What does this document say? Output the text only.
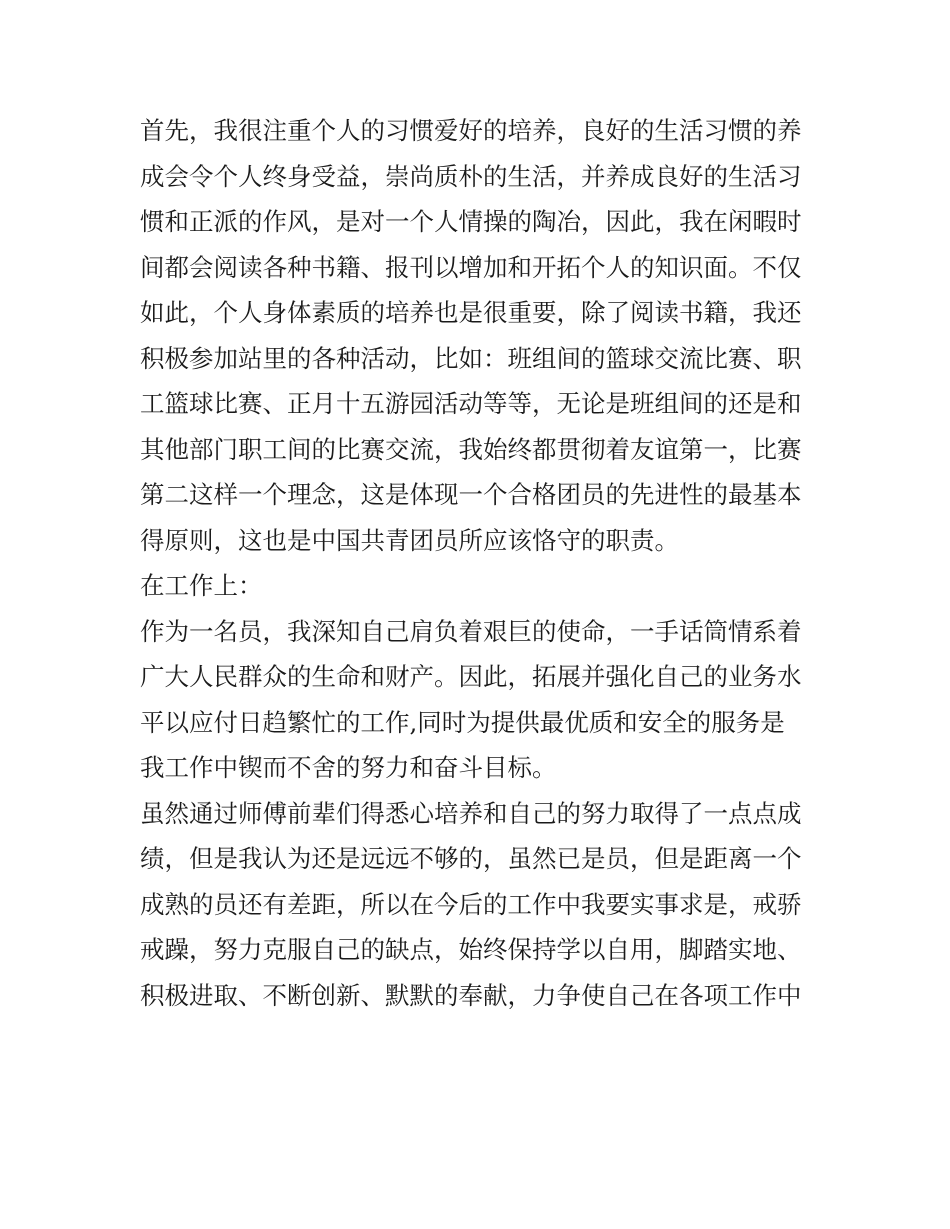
首先，我很注重个人的习惯爱好的培养，良好的生活习惯的养
成会令个人终身受益，崇尚质朴的生活，并养成良好的生活习
惯和正派的作风，是对一个人情操的陶冶，因此，我在闲暇时
间都会阅读各种书籍、报刊以增加和开拓个人的知识面。不仅
如此，个人身体素质的培养也是很重要，除了阅读书籍，我还
积极参加站里的各种活动，比如：班组间的篮球交流比赛、职
工篮球比赛、正月十五游园活动等等，无论是班组间的还是和
其他部门职工间的比赛交流，我始终都贯彻着友谊第一，比赛
第二这样一个理念，这是体现一个合格团员的先进性的最基本
得原则，这也是中国共青团员所应该恪守的职责。
在工作上：
作为一名员，我深知自己肩负着艰巨的使命，一手话筒情系着
广大人民群众的生命和财产。因此，拓展并强化自己的业务水
平以应付日趋繁忙的工作,同时为提供最优质和安全的服务是
我工作中锲而不舍的努力和奋斗目标。
虽然通过师傅前辈们得悉心培养和自己的努力取得了一点点成
绩，但是我认为还是远远不够的，虽然已是员，但是距离一个
成熟的员还有差距，所以在今后的工作中我要实事求是，戒骄
戒躁，努力克服自己的缺点，始终保持学以自用，脚踏实地、
积极进取、不断创新、默默的奉献，力争使自己在各项工作中
